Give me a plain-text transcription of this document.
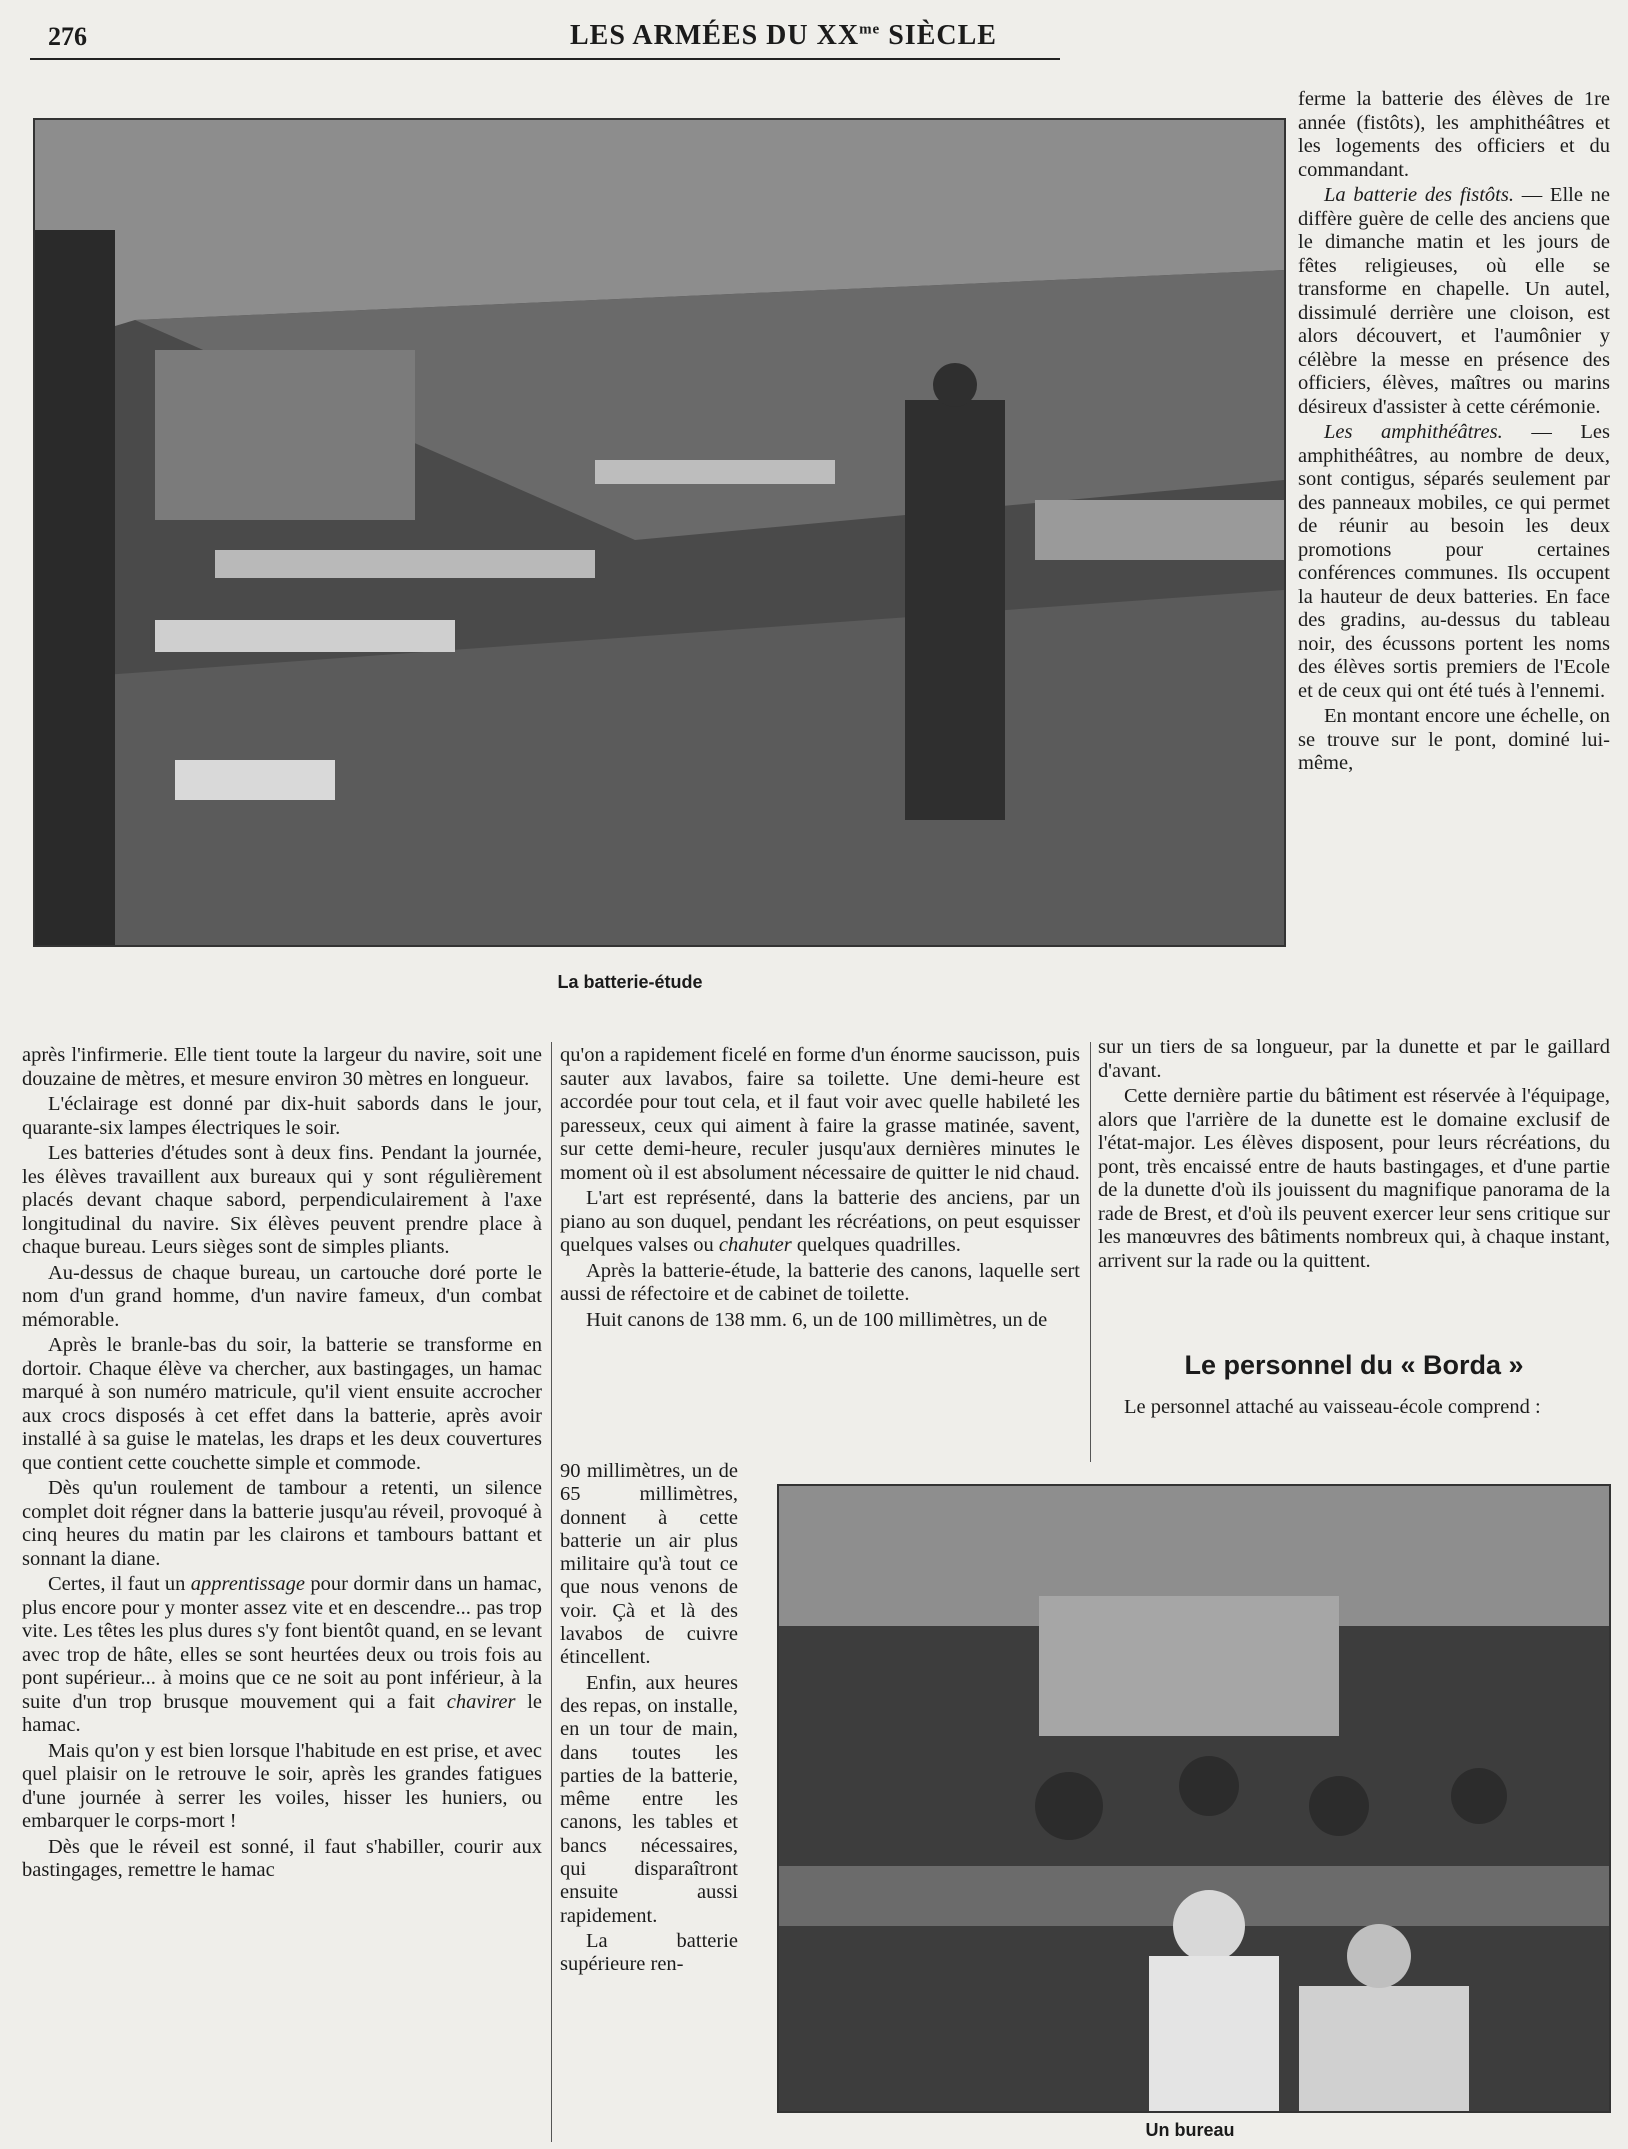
276	LES ARMÉES DU $XX^{me}$ SIÈCLE
La batterie-étude

ferme la batterie des élèves de 1re année (fistôts), les amphithéâtres et les logements des officiers et du commandant.

La batterie des fistôts. — Elle ne diffère guère de celle des anciens que le dimanche matin et les jours de fêtes religieuses, où elle se transforme en chapelle. Un autel, dissimulé derrière une cloison, est alors découvert, et l'aumônier y célèbre la messe en présence des officiers, élèves, maîtres ou marins désireux d'assister à cette cérémonie.

Les amphithéâtres. — Les amphithéâtres, au nombre de deux, sont contigus, séparés seulement par des panneaux mobiles, ce qui permet de réunir au besoin les deux promotions pour certaines conférences communes. Ils occupent la hauteur de deux batteries. En face des gradins, au-dessus du tableau noir, des écussons portent les noms des élèves sortis premiers de l'Ecole et de ceux qui ont été tués à l'ennemi.

En montant encore une échelle, on se trouve sur le pont, dominé lui-même,

après l'infirmerie. Elle tient toute la largeur du navire, soit une douzaine de mètres, et mesure environ 30 mètres en longueur.

L'éclairage est donné par dix-huit sabords dans le jour, quarante-six lampes électriques le soir.

Les batteries d'études sont à deux fins. Pendant la journée, les élèves travaillent aux bureaux qui y sont régulièrement placés devant chaque sabord, perpendiculairement à l'axe longitudinal du navire. Six élèves peuvent prendre place à chaque bureau. Leurs sièges sont de simples pliants.

Au-dessus de chaque bureau, un cartouche doré porte le nom d'un grand homme, d'un navire fameux, d'un combat mémorable.

Après le branle-bas du soir, la batterie se transforme en dortoir. Chaque élève va chercher, aux bastingages, un hamac marqué à son numéro matricule, qu'il vient ensuite accrocher aux crocs disposés à cet effet dans la batterie, après avoir installé à sa guise le matelas, les draps et les deux couvertures que contient cette couchette simple et commode.

Dès qu'un roulement de tambour a retenti, un silence complet doit régner dans la batterie jusqu'au réveil, provoqué à cinq heures du matin par les clairons et tambours battant et sonnant la diane.

Certes, il faut un apprentissage pour dormir dans un hamac, plus encore pour y monter assez vite et en descendre... pas trop vite. Les têtes les plus dures s'y font bientôt quand, en se levant avec trop de hâte, elles se sont heurtées deux ou trois fois au pont supérieur... à moins que ce ne soit au pont inférieur, à la suite d'un trop brusque mouvement qui a fait chavirer le hamac.

Mais qu'on y est bien lorsque l'habitude en est prise, et avec quel plaisir on le retrouve le soir, après les grandes fatigues d'une journée à serrer les voiles, hisser les huniers, ou embarquer le corps-mort !

Dès que le réveil est sonné, il faut s'habiller, courir aux bastingages, remettre le hamac

qu'on a rapidement ficelé en forme d'un énorme saucisson, puis sauter aux lavabos, faire sa toilette. Une demi-heure est accordée pour tout cela, et il faut voir avec quelle habileté les paresseux, ceux qui aiment à faire la grasse matinée, savent, sur cette demi-heure, reculer jusqu'aux dernières minutes le moment où il est absolument nécessaire de quitter le nid chaud.

L'art est représenté, dans la batterie des anciens, par un piano au son duquel, pendant les récréations, on peut esquisser quelques valses ou chahuter quelques quadrilles.

Après la batterie-étude, la batterie des canons, laquelle sert aussi de réfectoire et de cabinet de toilette.

Huit canons de 138 mm. 6, un de 100 millimètres, un de

90 millimètres, un de 65 millimètres, donnent à cette batterie un air plus militaire qu'à tout ce que nous venons de voir. Çà et là des lavabos de cuivre étincellent.

Enfin, aux heures des repas, on installe, en un tour de main, dans toutes les parties de la batterie, même entre les canons, les tables et bancs nécessaires, qui disparaîtront ensuite aussi rapidement.

La batterie supérieure ren-

sur un tiers de sa longueur, par la dunette et par le gaillard d'avant.

Cette dernière partie du bâtiment est réservée à l'équipage, alors que l'arrière de la dunette est le domaine exclusif de l'état-major. Les élèves disposent, pour leurs récréations, du pont, très encaissé entre de hauts bastingages, et d'une partie de la dunette d'où ils jouissent du magnifique panorama de la rade de Brest, et d'où ils peuvent exercer leur sens critique sur les manœuvres des bâtiments nombreux qui, à chaque instant, arrivent sur la rade ou la quittent.

Le personnel du « Borda »

Le personnel attaché au vaisseau-école comprend :

Un bureau
